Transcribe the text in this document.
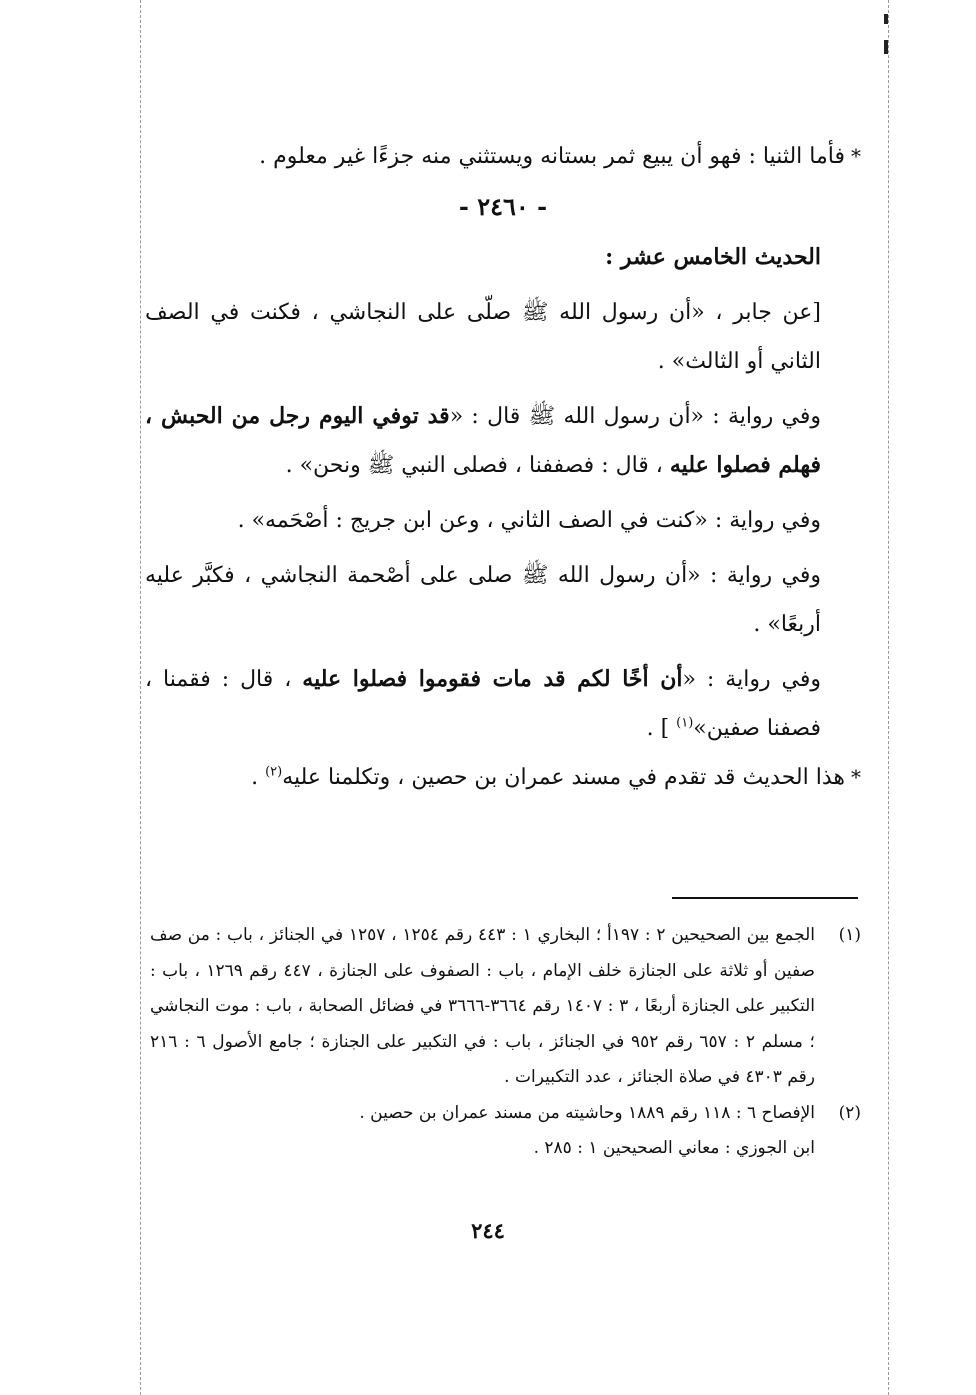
*فأما الثنيا : فهو أن يبيع ثمر بستانه ويستثني منه جزءًا غير معلوم .

- ٢٤٦٠ -

الحديث الخامس عشر :

[عن جابر ، «أن رسول الله ﷺ صلّى على النجاشي ، فكنت في الصف الثاني أو الثالث» .

وفي رواية : «أن رسول الله ﷺ قال : «قد توفي اليوم رجل من الحبش ، فهلم فصلوا عليه ، قال : فصففنا ، فصلى النبي ﷺ ونحن» .

وفي رواية : «كنت في الصف الثاني ، وعن ابن جريج : أصْحَمه» .

وفي رواية : «أن رسول الله ﷺ صلى على أصْحمة النجاشي ، فكبَّر عليه أربعًا» .

وفي رواية : «أن أخًا لكم قد مات فقوموا فصلوا عليه ، قال : فقمنا ، فصفنا صفين»$^{(١)}$ ] .

*هذا الحديث قد تقدم في مسند عمران بن حصين ، وتكلمنا عليه$^{(٢)}$ .

(١)
الجمع بين الصحيحين ٢ : ١٩٧أ ؛ البخاري ١ : ٤٤٣ رقم ١٢٥٤ ، ١٢٥٧ في الجنائز ، باب : من صف صفين أو ثلاثة على الجنازة خلف الإمام ، باب : الصفوف على الجنازة ، ٤٤٧ رقم ١٢٦٩ ، باب : التكبير على الجنازة أربعًا ، ٣ : ١٤٠٧ رقم ٣٦٦٤-٣٦٦٦ في فضائل الصحابة ، باب : موت النجاشي ؛ مسلم ٢ : ٦٥٧ رقم ٩٥٢ في الجنائز ، باب : في التكبير على الجنازة ؛ جامع الأصول ٦ : ٢١٦ رقم ٤٣٠٣ في صلاة الجنائز ، عدد التكبيرات .
(٢)
الإفصاح ٦ : ١١٨ رقم ١٨٨٩ وحاشيته من مسند عمران بن حصين .
ابن الجوزي : معاني الصحيحين ١ : ٢٨٥ .
٢٤٤
